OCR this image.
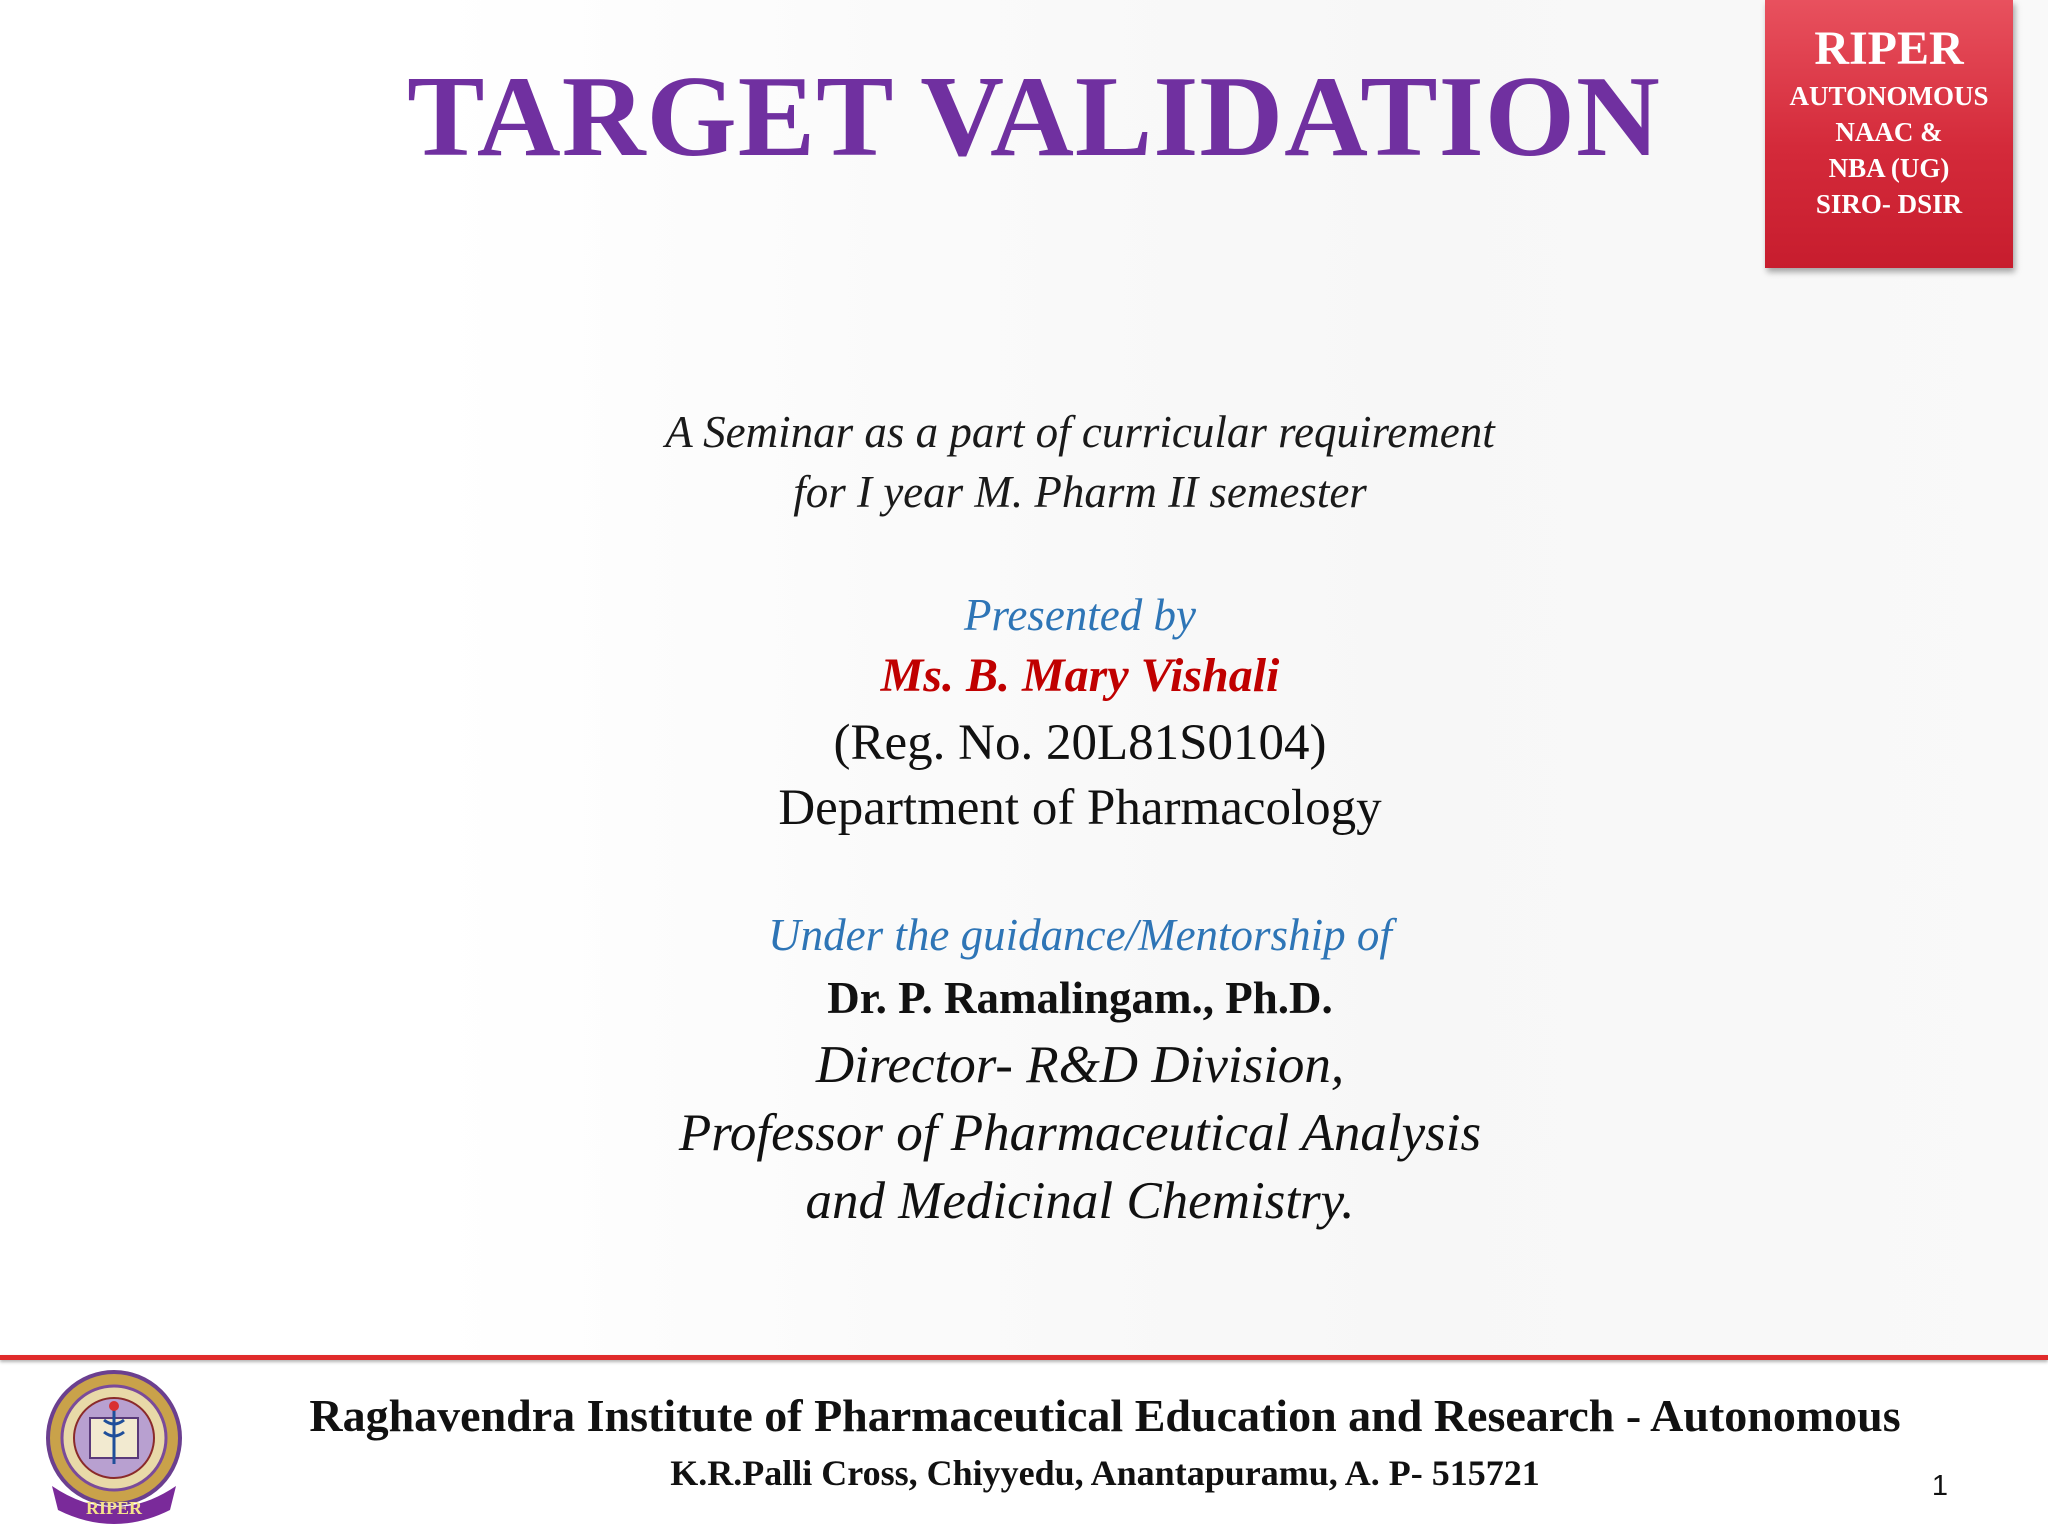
TARGET VALIDATION
RIPER
AUTONOMOUS
NAAC &
NBA (UG)
SIRO- DSIR
A Seminar as a part of curricular requirement
for I year M. Pharm II semester
Presented by
Ms. B. Mary Vishali
(Reg. No. 20L81S0104)
Department of Pharmacology
Under the guidance/Mentorship of
Dr. P. Ramalingam., Ph.D.
Director- R&D Division,
Professor of Pharmaceutical Analysis
and Medicinal Chemistry.
RIPER
Raghavendra Institute of Pharmaceutical Education and Research - Autonomous
K.R.Palli Cross, Chiyyedu, Anantapuramu, A. P- 515721	1
